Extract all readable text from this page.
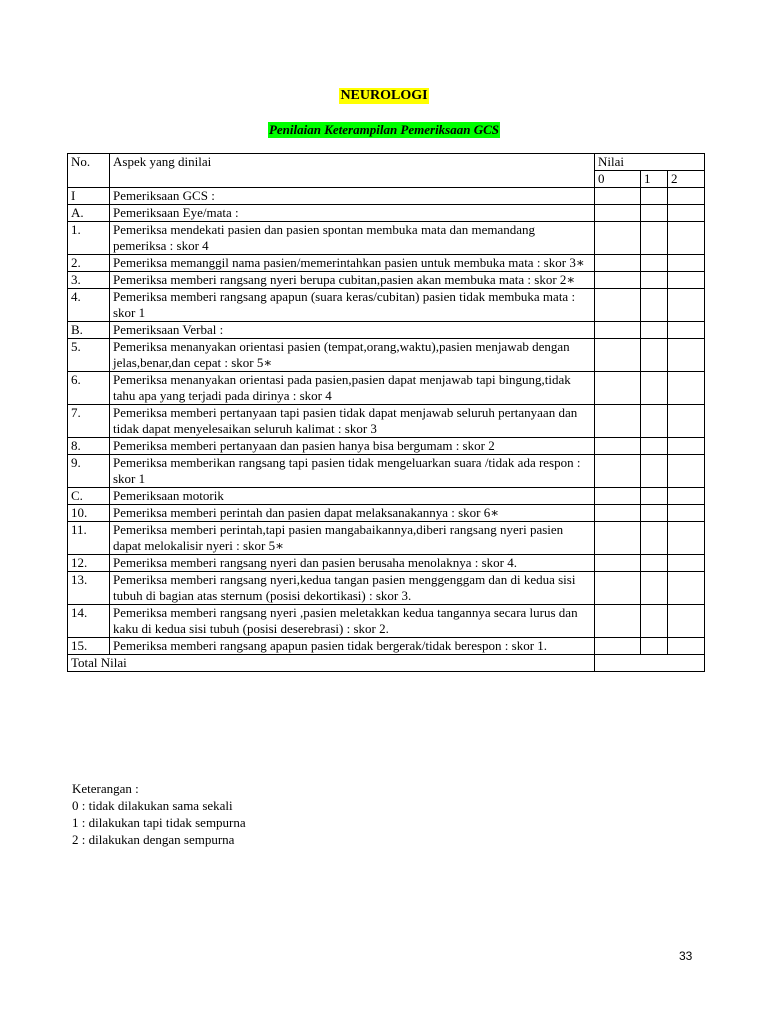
NEUROLOGI
Penilaian Keterampilan Pemeriksaan GCS
No.	Aspek yang dinilai	Nilai		
		0	1	2
I	Pemeriksaan GCS :			
A.	Pemeriksaan Eye/mata :			
1.	Pemeriksa mendekati pasien dan pasien spontan membuka mata dan memandang pemeriksa : skor 4			
2.	Pemeriksa memanggil nama pasien/memerintahkan pasien untuk membuka mata : skor 3∗			
3.	Pemeriksa memberi rangsang nyeri berupa cubitan,pasien akan membuka mata : skor 2∗			
4.	Pemeriksa memberi rangsang apapun (suara keras/cubitan) pasien tidak membuka mata : skor 1			
B.	Pemeriksaan Verbal :			
5.	Pemeriksa menanyakan orientasi pasien (tempat,orang,waktu),pasien menjawab dengan jelas,benar,dan cepat : skor 5∗			
6.	Pemeriksa menanyakan orientasi pada pasien,pasien dapat menjawab tapi bingung,tidak tahu apa yang terjadi pada dirinya : skor 4			
7.	Pemeriksa memberi pertanyaan tapi pasien tidak dapat menjawab seluruh pertanyaan dan tidak dapat menyelesaikan seluruh kalimat : skor 3			
8.	Pemeriksa memberi pertanyaan dan pasien hanya bisa bergumam : skor 2			
9.	Pemeriksa memberikan rangsang tapi pasien tidak mengeluarkan suara /tidak ada respon : skor 1			
C.	Pemeriksaan motorik			
10.	Pemeriksa memberi perintah dan pasien dapat melaksanakannya : skor 6∗			
11.	Pemeriksa memberi perintah,tapi pasien mangabaikannya,diberi rangsang nyeri pasien dapat melokalisir nyeri : skor 5∗			
12.	Pemeriksa memberi rangsang nyeri dan pasien berusaha menolaknya : skor 4.			
13.	Pemeriksa memberi rangsang nyeri,kedua tangan pasien menggenggam dan di kedua sisi tubuh di bagian atas sternum (posisi dekortikasi) : skor 3.			
14.	Pemeriksa memberi rangsang nyeri ,pasien meletakkan kedua tangannya secara lurus dan kaku di kedua sisi tubuh (posisi deserebrasi) : skor 2.			
15.	Pemeriksa memberi rangsang apapun pasien tidak bergerak/tidak berespon : skor 1.			
Total Nilai				
Keterangan :
0 : tidak dilakukan sama sekali
1 : dilakukan tapi tidak sempurna
2 : dilakukan dengan sempurna
33
